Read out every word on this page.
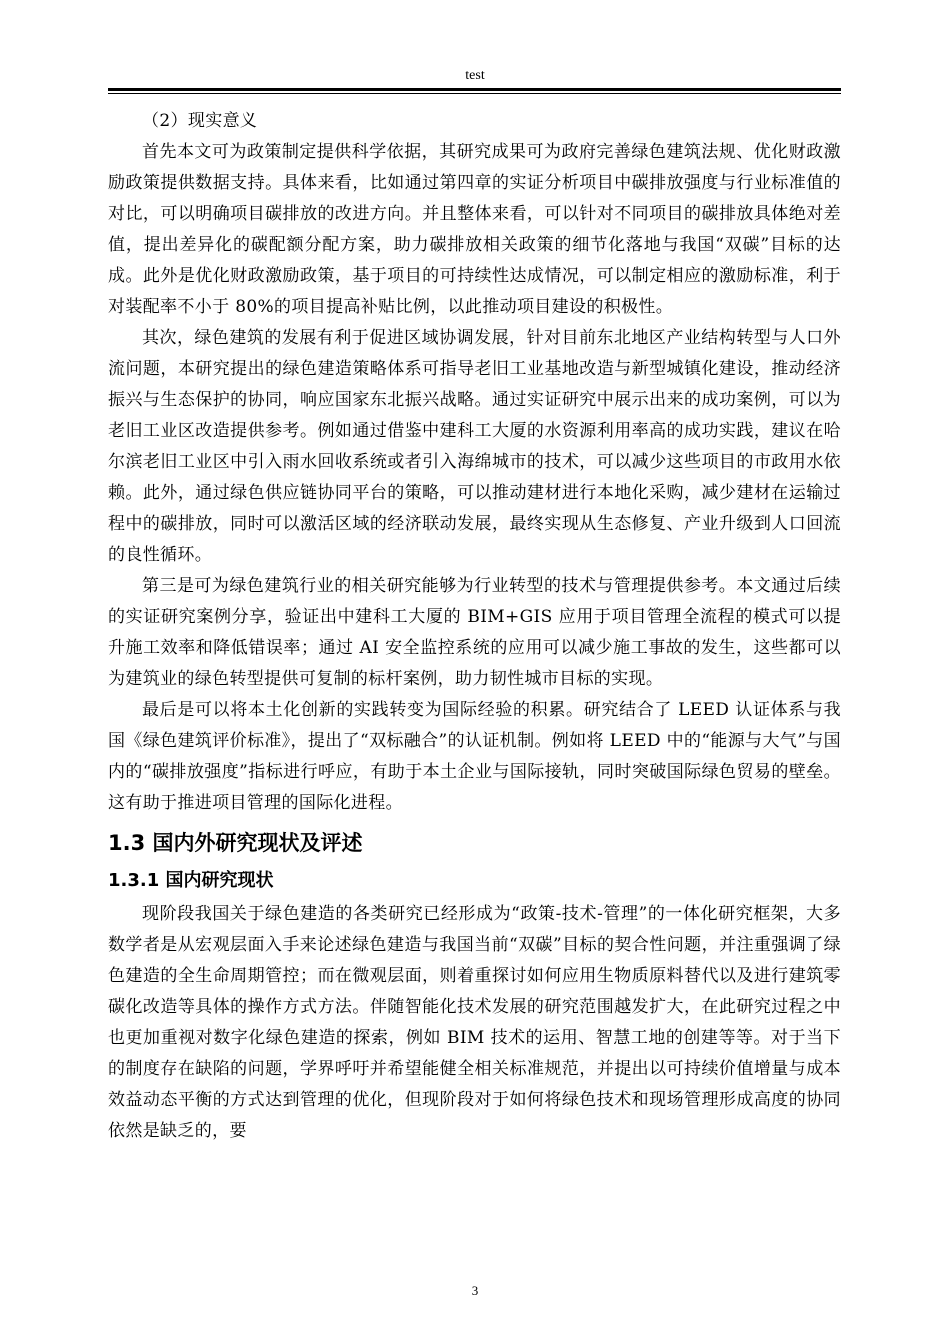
test

（2）现实意义

首先本文可为政策制定提供科学依据，其研究成果可为政府完善绿色建筑法规、优化财政激励政策提供数据支持。具体来看，比如通过第四章的实证分析项目中碳排放强度与行业标准值的对比，可以明确项目碳排放的改进方向。并且整体来看，可以针对不同项目的碳排放具体绝对差值，提出差异化的碳配额分配方案，助力碳排放相关政策的细节化落地与我国“双碳”目标的达成。此外是优化财政激励政策，基于项目的可持续性达成情况，可以制定相应的激励标准，利于对装配率不小于 80%的项目提高补贴比例，以此推动项目建设的积极性。

其次，绿色建筑的发展有利于促进区域协调发展，针对目前东北地区产业结构转型与人口外流问题，本研究提出的绿色建造策略体系可指导老旧工业基地改造与新型城镇化建设，推动经济振兴与生态保护的协同，响应国家东北振兴战略。通过实证研究中展示出来的成功案例，可以为老旧工业区改造提供参考。例如通过借鉴中建科工大厦的水资源利用率高的成功实践，建议在哈尔滨老旧工业区中引入雨水回收系统或者引入海绵城市的技术，可以减少这些项目的市政用水依赖。此外，通过绿色供应链协同平台的策略，可以推动建材进行本地化采购，减少建材在运输过程中的碳排放，同时可以激活区域的经济联动发展，最终实现从生态修复、产业升级到人口回流的良性循环。

第三是可为绿色建筑行业的相关研究能够为行业转型的技术与管理提供参考。本文通过后续的实证研究案例分享，验证出中建科工大厦的 BIM+GIS 应用于项目管理全流程的模式可以提升施工效率和降低错误率；通过 AI 安全监控系统的应用可以减少施工事故的发生，这些都可以为建筑业的绿色转型提供可复制的标杆案例，助力韧性城市目标的实现。

最后是可以将本土化创新的实践转变为国际经验的积累。研究结合了 LEED 认证体系与我国《绿色建筑评价标准》，提出了“双标融合”的认证机制。例如将 LEED 中的“能源与大气”与国内的“碳排放强度”指标进行呼应，有助于本土企业与国际接轨，同时突破国际绿色贸易的壁垒。这有助于推进项目管理的国际化进程。

1.3 国内外研究现状及评述
1.3.1 国内研究现状

现阶段我国关于绿色建造的各类研究已经形成为“政策-技术-管理”的一体化研究框架，大多数学者是从宏观层面入手来论述绿色建造与我国当前“双碳”目标的契合性问题，并注重强调了绿色建造的全生命周期管控；而在微观层面，则着重探讨如何应用生物质原料替代以及进行建筑零碳化改造等具体的操作方式方法。伴随智能化技术发展的研究范围越发扩大，在此研究过程之中也更加重视对数字化绿色建造的探索，例如 BIM 技术的运用、智慧工地的创建等等。对于当下的制度存在缺陷的问题，学界呼吁并希望能健全相关标准规范，并提出以可持续价值增量与成本效益动态平衡的方式达到管理的优化，但现阶段对于如何将绿色技术和现场管理形成高度的协同依然是缺乏的，要

3
